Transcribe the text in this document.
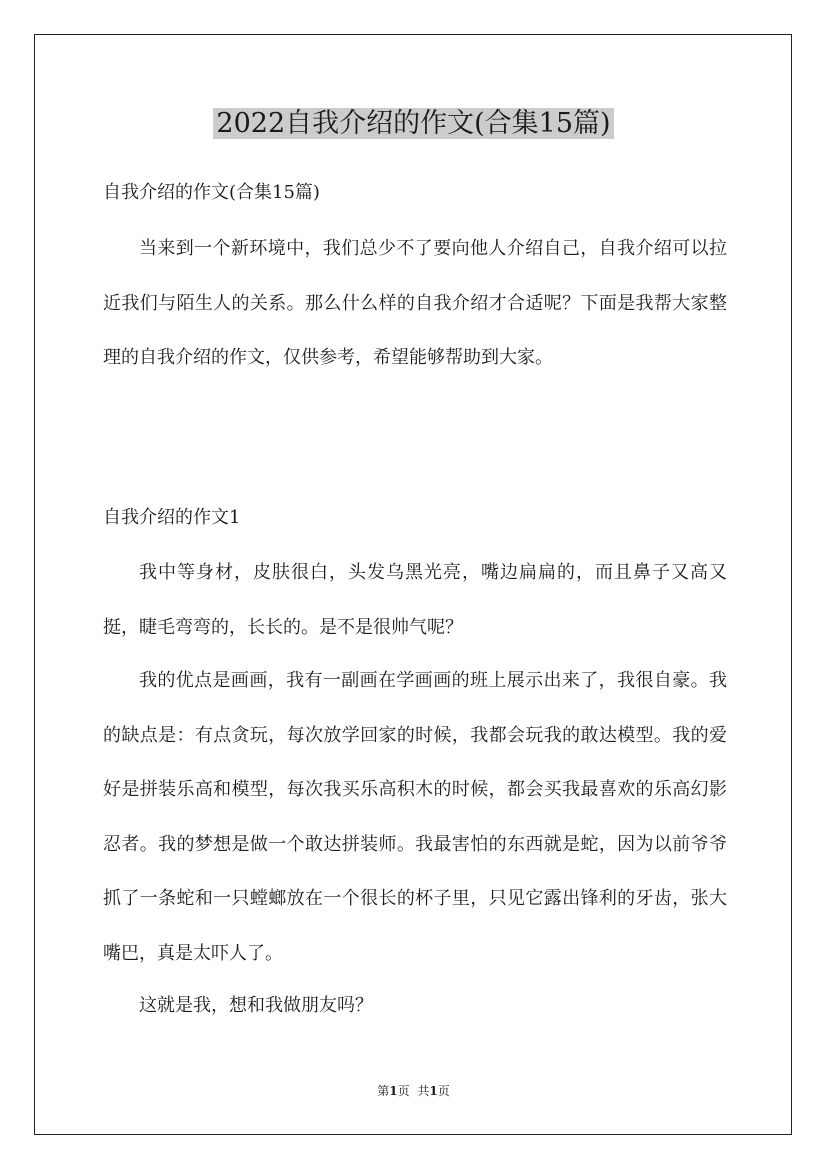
2022自我介绍的作文(合集15篇)
自我介绍的作文(合集15篇)

当来到一个新环境中，我们总少不了要向他人介绍自己，自我介绍可以拉近我们与陌生人的关系。那么什么样的自我介绍才合适呢？下面是我帮大家整理的自我介绍的作文，仅供参考，希望能够帮助到大家。

自我介绍的作文1

我中等身材，皮肤很白，头发乌黑光亮，嘴边扁扁的，而且鼻子又高又挺，睫毛弯弯的，长长的。是不是很帅气呢？

我的优点是画画，我有一副画在学画画的班上展示出来了，我很自豪。我的缺点是：有点贪玩，每次放学回家的时候，我都会玩我的敢达模型。我的爱好是拼装乐高和模型，每次我买乐高积木的时候，都会买我最喜欢的乐高幻影忍者。我的梦想是做一个敢达拼装师。我最害怕的东西就是蛇，因为以前爷爷抓了一条蛇和一只螳螂放在一个很长的杯子里，只见它露出锋利的牙齿，张大嘴巴，真是太吓人了。

这就是我，想和我做朋友吗？

第1页 共1页
